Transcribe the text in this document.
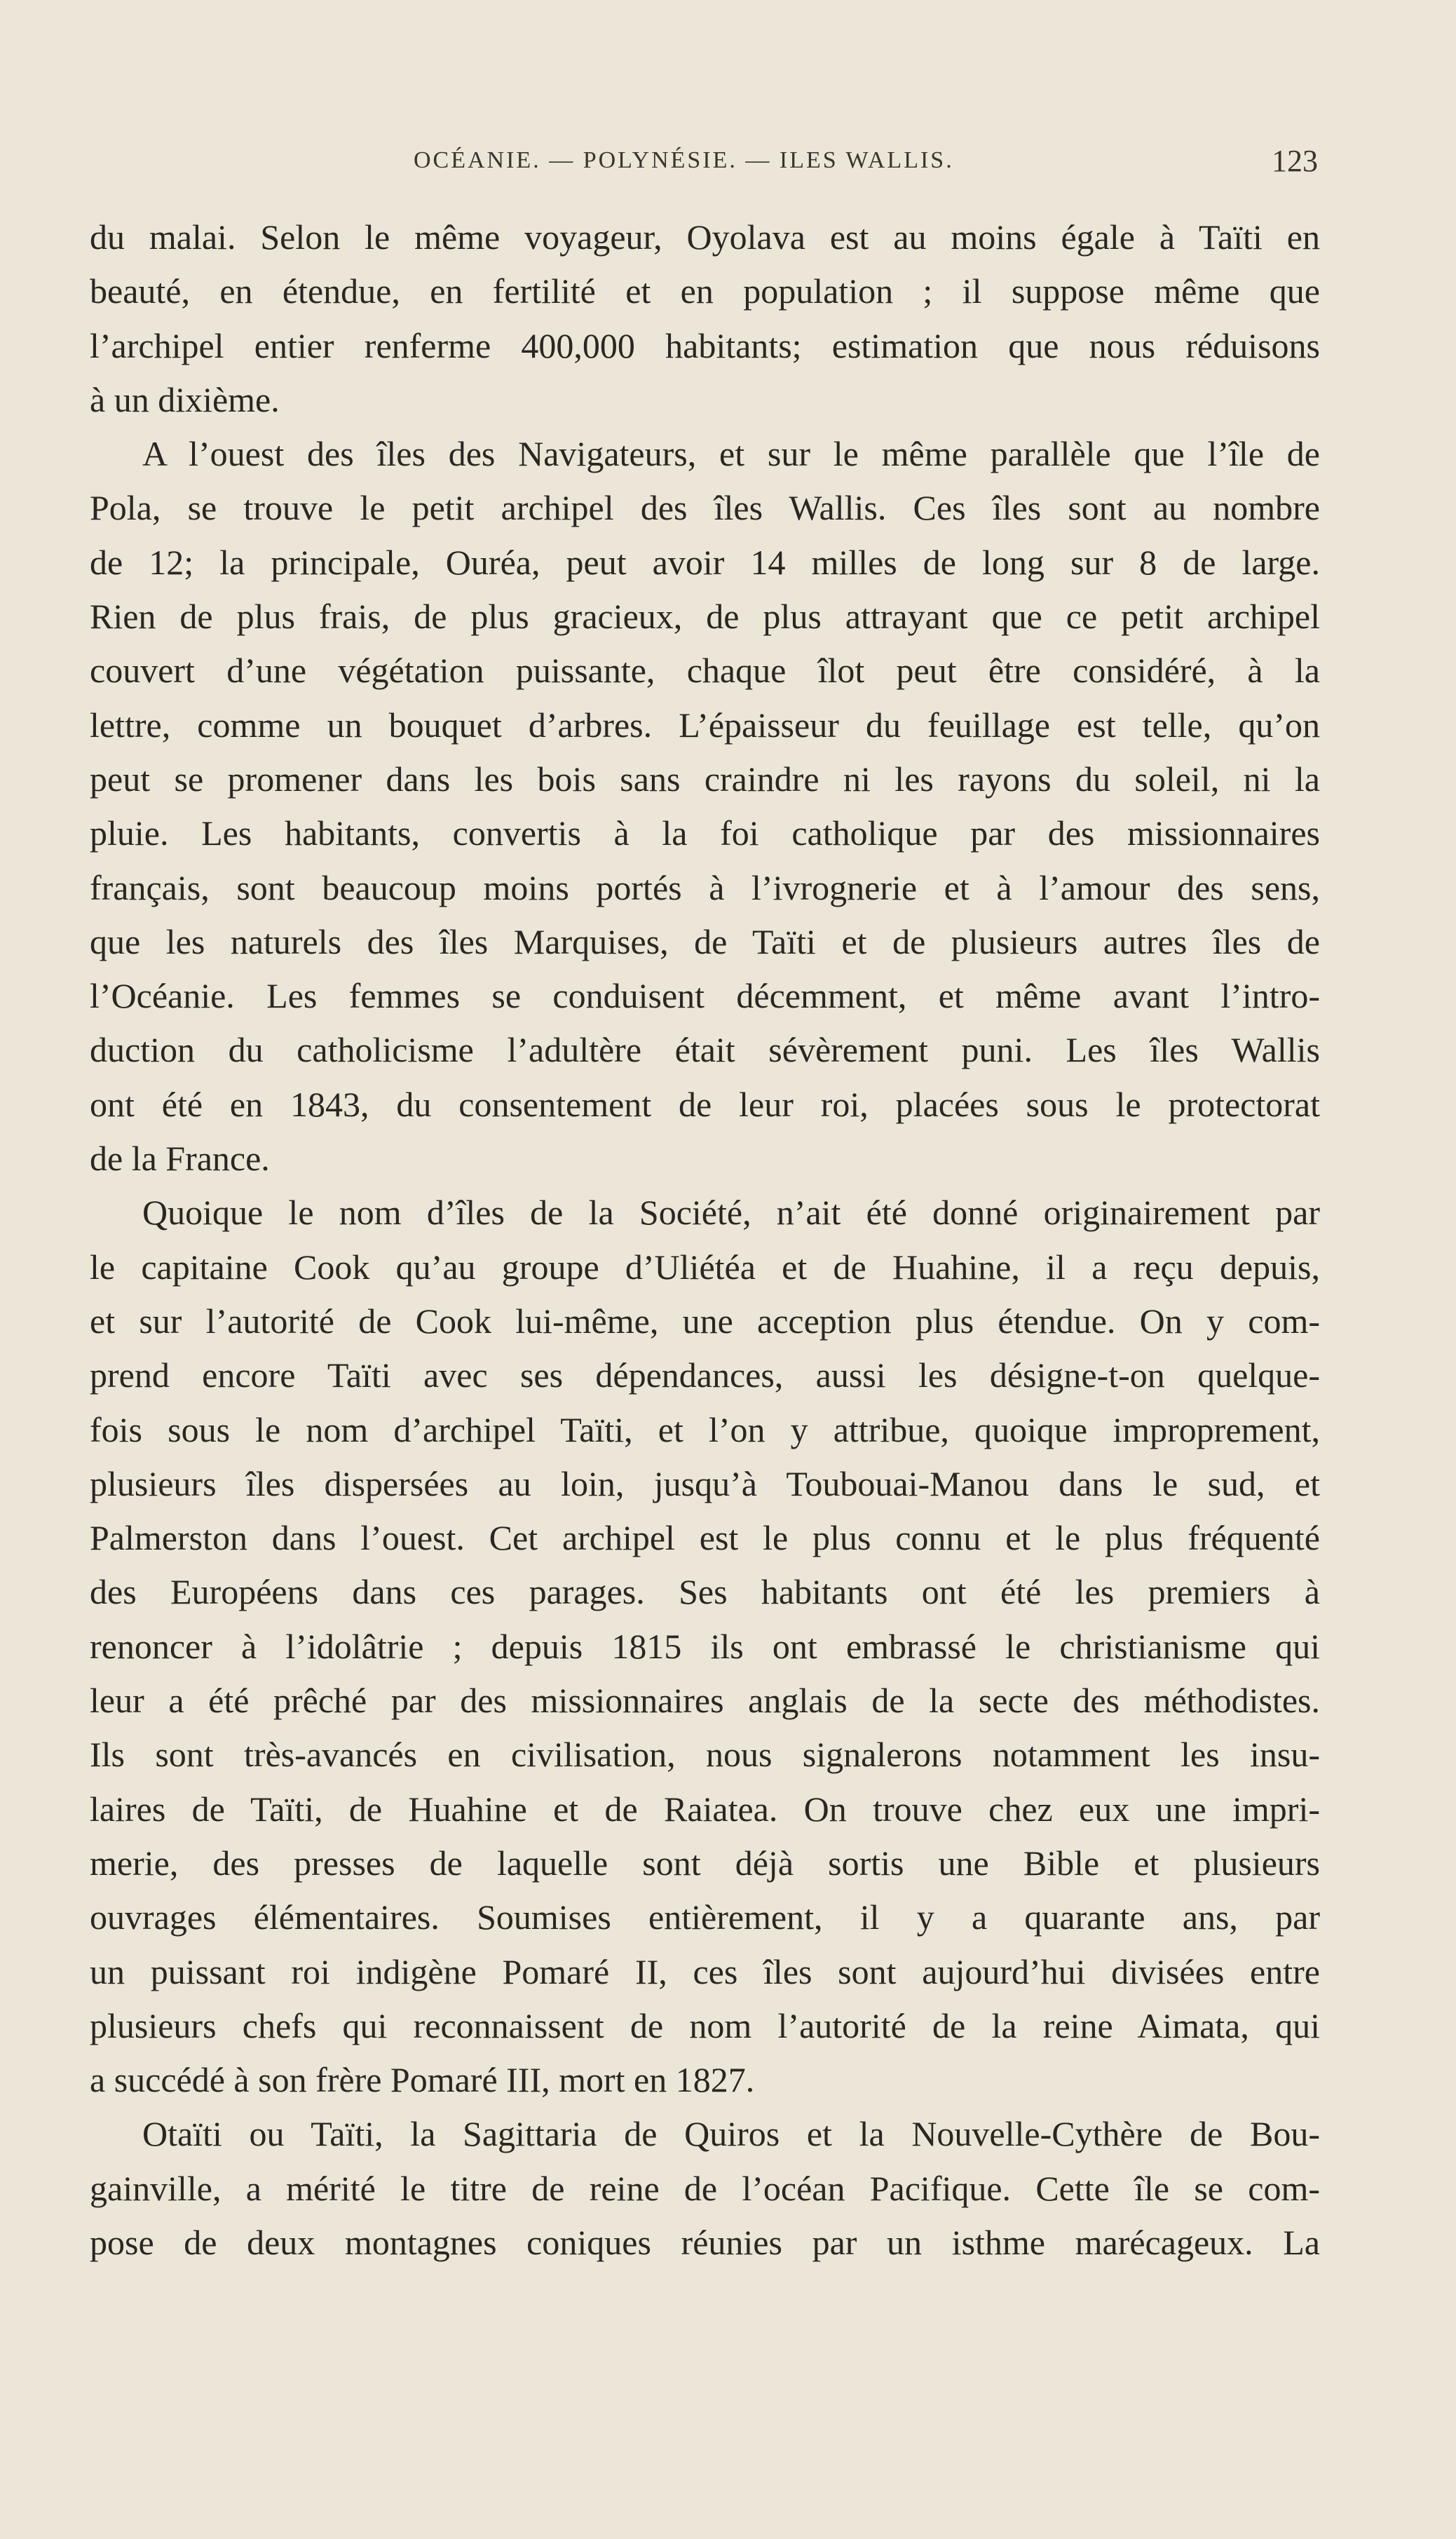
OCÉANIE. — POLYNÉSIE. — ILES WALLIS.	123

du malai. Selon le même voyageur, Oyolava est au moins égale à Taïti en
beauté, en étendue, en fertilité et en population ; il suppose même que
l’archipel entier renferme 400,000 habitants; estimation que nous réduisons
à un dixième.

A l’ouest des îles des Navigateurs, et sur le même parallèle que l’île de
Pola, se trouve le petit archipel des îles Wallis. Ces îles sont au nombre
de 12; la principale, Ouréa, peut avoir 14 milles de long sur 8 de large.
Rien de plus frais, de plus gracieux, de plus attrayant que ce petit archipel
couvert d’une végétation puissante, chaque îlot peut être considéré, à la
lettre, comme un bouquet d’arbres. L’épaisseur du feuillage est telle, qu’on
peut se promener dans les bois sans craindre ni les rayons du soleil, ni la
pluie. Les habitants, convertis à la foi catholique par des missionnaires
français, sont beaucoup moins portés à l’ivrognerie et à l’amour des sens,
que les naturels des îles Marquises, de Taïti et de plusieurs autres îles de
l’Océanie. Les femmes se conduisent décemment, et même avant l’intro-
duction du catholicisme l’adultère était sévèrement puni. Les îles Wallis
ont été en 1843, du consentement de leur roi, placées sous le protectorat
de la France.

Quoique le nom d’îles de la Société, n’ait été donné originairement par
le capitaine Cook qu’au groupe d’Uliétéa et de Huahine, il a reçu depuis,
et sur l’autorité de Cook lui-même, une acception plus étendue. On y com-
prend encore Taïti avec ses dépendances, aussi les désigne-t-on quelque-
fois sous le nom d’archipel Taïti, et l’on y attribue, quoique improprement,
plusieurs îles dispersées au loin, jusqu’à Toubouai-Manou dans le sud, et
Palmerston dans l’ouest. Cet archipel est le plus connu et le plus fréquenté
des Européens dans ces parages. Ses habitants ont été les premiers à
renoncer à l’idolâtrie ; depuis 1815 ils ont embrassé le christianisme qui
leur a été prêché par des missionnaires anglais de la secte des méthodistes.
Ils sont très-avancés en civilisation, nous signalerons notamment les insu-
laires de Taïti, de Huahine et de Raiatea. On trouve chez eux une impri-
merie, des presses de laquelle sont déjà sortis une Bible et plusieurs
ouvrages élémentaires. Soumises entièrement, il y a quarante ans, par
un puissant roi indigène Pomaré II, ces îles sont aujourd’hui divisées entre
plusieurs chefs qui reconnaissent de nom l’autorité de la reine Aimata, qui
a succédé à son frère Pomaré III, mort en 1827.

Otaïti ou Taïti, la Sagittaria de Quiros et la Nouvelle-Cythère de Bou-
gainville, a mérité le titre de reine de l’océan Pacifique. Cette île se com-
pose de deux montagnes coniques réunies par un isthme marécageux. La
